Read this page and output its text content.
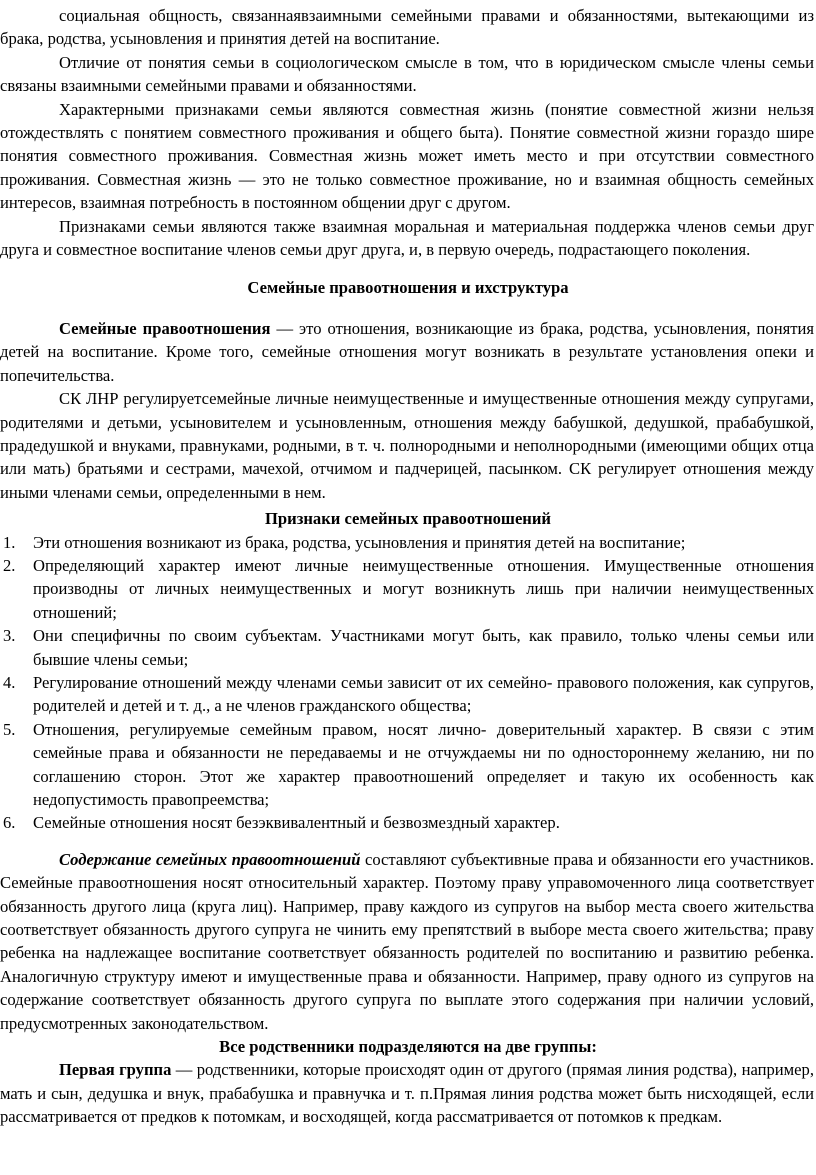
социальная общность, связаннаявзаимными семейными правами и обязанностями, вытекающими из брака, родства, усыновления и принятия детей на воспитание.

Отличие от понятия семьи в социологическом смысле в том, что в юридическом смысле члены семьи связаны взаимными семейными правами и обязанностями.

Характерными признаками семьи являются совместная жизнь (понятие совместной жизни нельзя отождествлять с понятием совместного проживания и общего быта). Понятие совместной жизни гораздо шире понятия совместного проживания. Совместная жизнь может иметь место и при отсутствии совместного проживания. Совместная жизнь — это не только совместное проживание, но и взаимная общность семейных интересов, взаимная потребность в постоянном общении друг с другом.

Признаками семьи являются также взаимная моральная и материальная поддержка членов семьи друг друга и совместное воспитание членов семьи друг друга, и, в первую очередь, подрастающего поколения.

Семейные правоотношения и ихструктура

Семейные правоотношения — это отношения, возникающие из брака, родства, усыновления, понятия детей на воспитание. Кроме того, семейные отношения могут возникать в результате установления опеки и попечительства.

СК ЛНР регулируетсемейные личные неимущественные и имущественные отношения между супругами, родителями и детьми, усыновителем и усыновленным, отношения между бабушкой, дедушкой, прабабушкой, прадедушкой и внуками, правнуками, родными, в т. ч. полнородными и неполнородными (имеющими общих отца или мать) братьями и сестрами, мачехой, отчимом и падчерицей, пасынком. СК регулирует отношения между иными членами семьи, определенными в нем.

Признаки семейных правоотношений

1. Эти отношения возникают из брака, родства, усыновления и принятия детей на воспитание;
2. Определяющий характер имеют личные неимущественные отношения. Имущественные отношения производны от личных неимущественных и могут возникнуть лишь при наличии неимущественных отношений;
3. Они специфичны по своим субъектам. Участниками могут быть, как правило, только члены семьи или бывшие члены семьи;
4. Регулирование отношений между членами семьи зависит от их семейно- правового положения, как супругов, родителей и детей и т. д., а не членов гражданского общества;
5. Отношения, регулируемые семейным правом, носят лично- доверительный характер. В связи с этим семейные права и обязанности не передаваемы и не отчуждаемы ни по одностороннему желанию, ни по соглашению сторон. Этот же характер правоотношений определяет и такую их особенность как недопустимость правопреемства;
6. Семейные отношения носят безэквивалентный и безвозмездный характер.

Содержание семейных правоотношений составляют субъективные права и обязанности его участников. Семейные правоотношения носят относительный характер. Поэтому праву управомоченного лица соответствует обязанность другого лица (круга лиц). Например, праву каждого из супругов на выбор места своего жительства соответствует обязанность другого супруга не чинить ему препятствий в выборе места своего жительства; праву ребенка на надлежащее воспитание соответствует обязанность родителей по воспитанию и развитию ребенка. Аналогичную структуру имеют и имущественные права и обязанности. Например, праву одного из супругов на содержание соответствует обязанность другого супруга по выплате этого содержания при наличии условий, предусмотренных законодательством.

Все родственники подразделяются на две группы:

Первая группа — родственники, которые происходят один от другого (прямая линия родства), например, мать и сын, дедушка и внук, прабабушка и правнучка и т. п.Прямая линия родства может быть нисходящей, если рассматривается от предков к потомкам, и восходящей, когда рассматривается от потомков к предкам.
